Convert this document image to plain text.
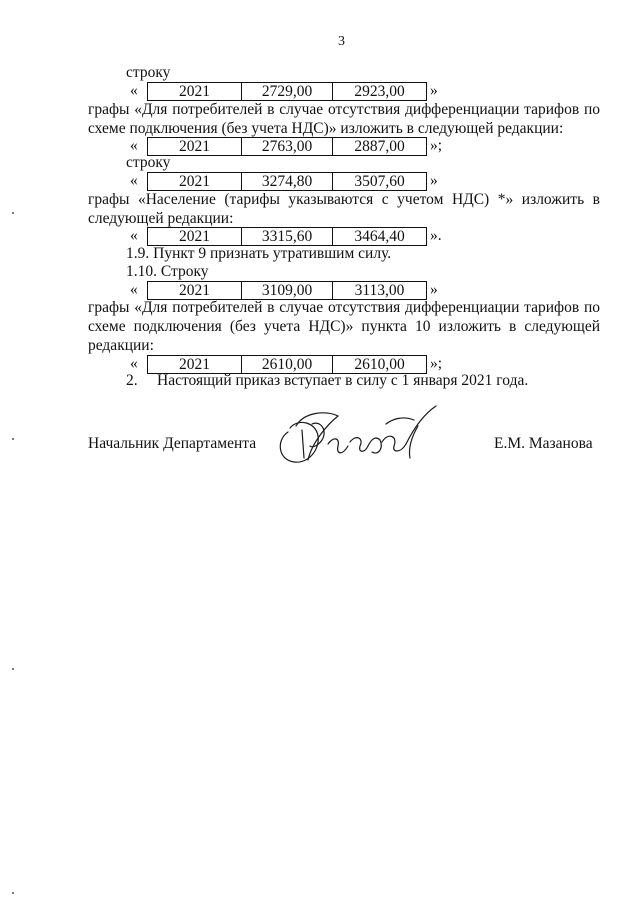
3
строку
«	2021	2729,00	2923,00	»
графы «Для потребителей в случае отсутствия дифференциации тарифов по
схеме подключения (без учета НДС)» изложить в следующей редакции:
«	2021	2763,00	2887,00	»;
строку
«	2021	3274,80	3507,60	»
графы «Население (тарифы указываются с учетом НДС) *» изложить в
следующей редакции:
«	2021	3315,60	3464,40	».
1.9. Пункт 9 признать утратившим силу.
1.10. Строку
«	2021	3109,00	3113,00	»
графы «Для потребителей в случае отсутствия дифференциации тарифов по
схеме подключения (без учета НДС)» пункта 10 изложить в следующей
редакции:
«	2021	2610,00	2610,00	»;
2. Настоящий приказ вступает в силу с 1 января 2021 года.
Начальник Департамента	Е.М. Мазанова
